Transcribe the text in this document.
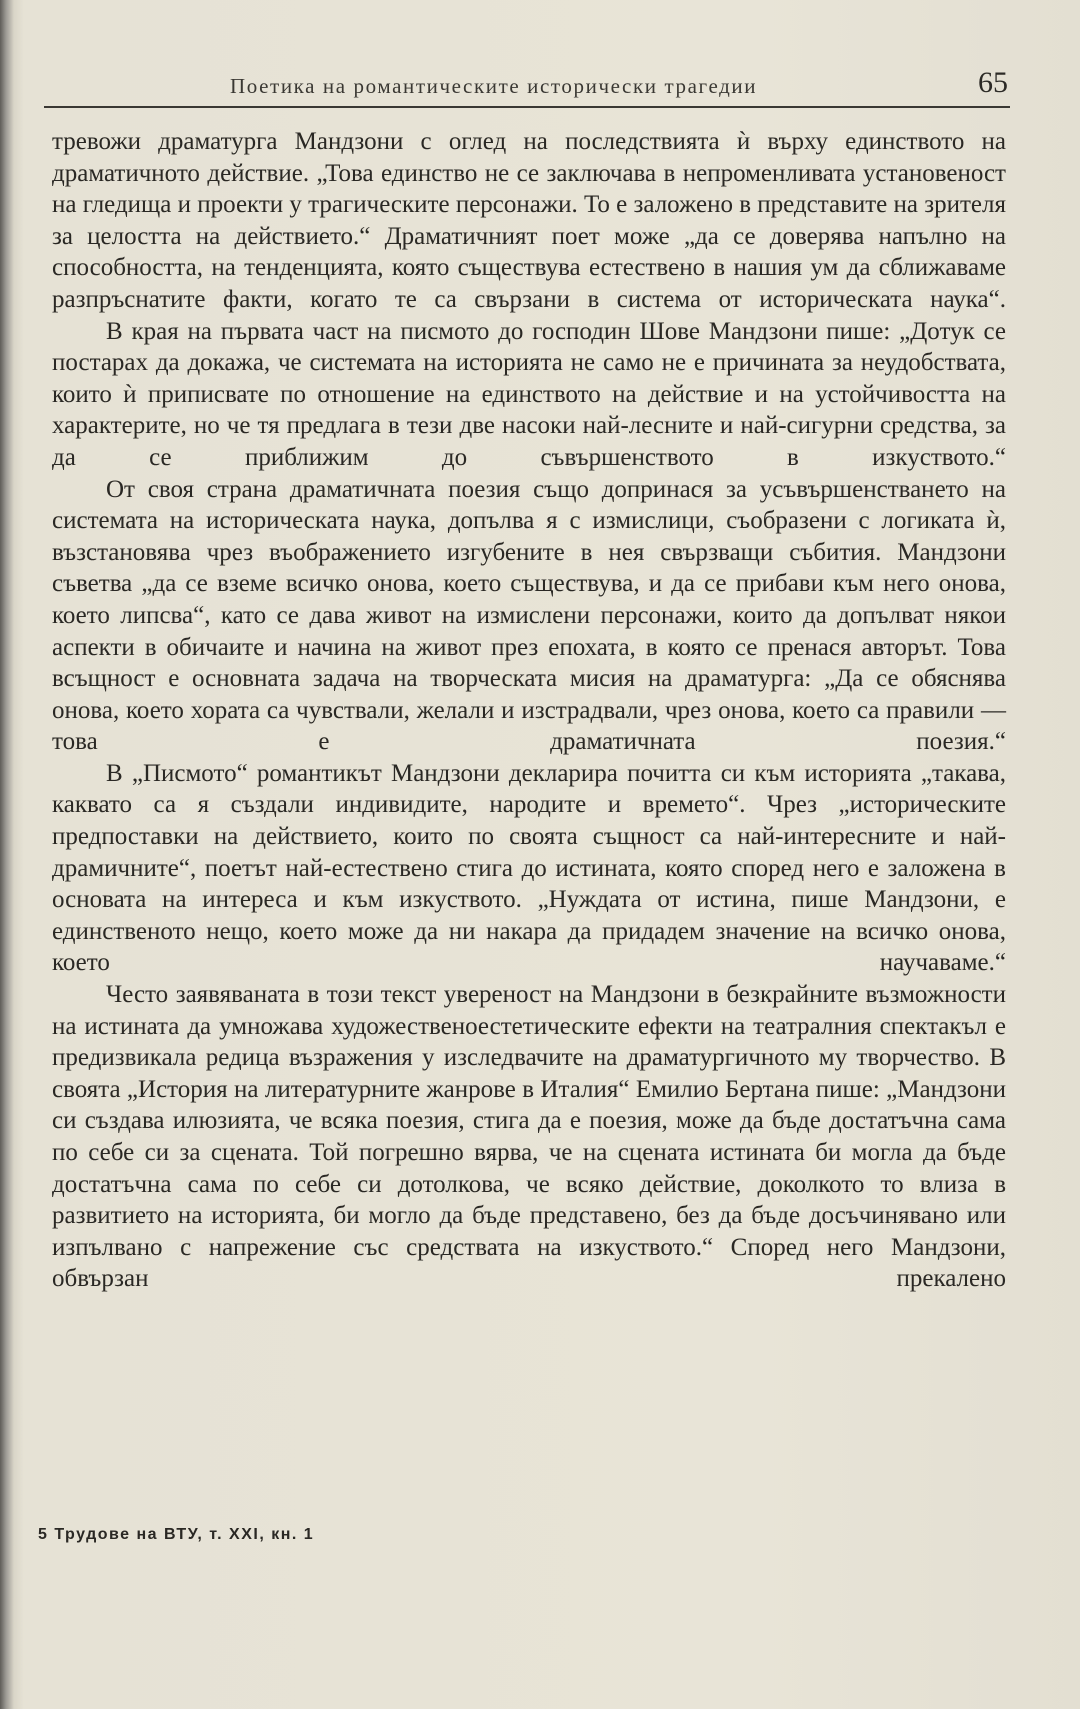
Поетика на романтическите исторически трагедии	65

тревожи драматурга Мандзони с оглед на последствията ѝ върху единството на драматичното действие. „Това единство не се заключава в непроменливата установеност на гледища и проекти у трагическите персонажи. То е заложено в представите на зрителя за целостта на действието.“ Драматичният поет може „да се доверява напълно на способността, на тенденцията, която съществува естествено в нашия ум да сближаваме разпръснатите факти, когато те са свързани в система от историческата наука“.

В края на първата част на писмото до господин Шове Мандзони пише: „Дотук се постарах да докажа, че системата на историята не само не е причината за неудобствата, които ѝ приписвате по отношение на единството на действие и на устойчивостта на характерите, но че тя предлага в тези две насоки най-лесните и най-сигурни средства, за да се приближим до съвършенството в изкуството.“

От своя страна драматичната поезия също допринася за усъвършенстването на системата на историческата наука, допълва я с измислици, съобразени с логиката ѝ, възстановява чрез въображението изгубените в нея свързващи събития. Мандзони съветва „да се вземе всичко онова, което съществува, и да се прибави към него онова, което липсва“, като се дава живот на измислени персонажи, които да допълват някои аспекти в обичаите и начина на живот през епохата, в която се пренася авторът. Това всъщност е основната задача на творческата мисия на драматурга: „Да се обяснява онова, което хората са чувствали, желали и изстрадвали, чрез онова, което са правили — това е драматичната поезия.“

В „Писмото“ романтикът Мандзони декларира почитта си към историята „такава, каквато са я създали индивидите, народите и времето“. Чрез „историческите предпоставки на действието, които по своята същност са най-интересните и най-драмичните“, поетът най-естествено стига до истината, която според него е заложена в основата на интереса и към изкуството. „Нуждата от истина, пише Мандзони, е единственото нещо, което може да ни накара да придадем значение на всичко онова, което научаваме.“

Често заявяваната в този текст увереност на Мандзони в безкрайните възможности на истината да умножава художественоестетическите ефекти на театралния спектакъл е предизвикала редица възражения у изследвачите на драматургичното му творчество. В своята „История на литературните жанрове в Италия“ Емилио Бертана пише: „Мандзони си създава илюзията, че всяка поезия, стига да е поезия, може да бъде достатъчна сама по себе си за сцената. Той погрешно вярва, че на сцената истината би могла да бъде достатъчна сама по себе си дотолкова, че всяко действие, доколкото то влиза в развитието на историята, би могло да бъде представено, без да бъде досъчинявано или изпълвано с напрежение със средствата на изкуството.“ Според него Мандзони, обвързан прекалено

5 Трудове на ВТУ, т. XXI, кн. 1
